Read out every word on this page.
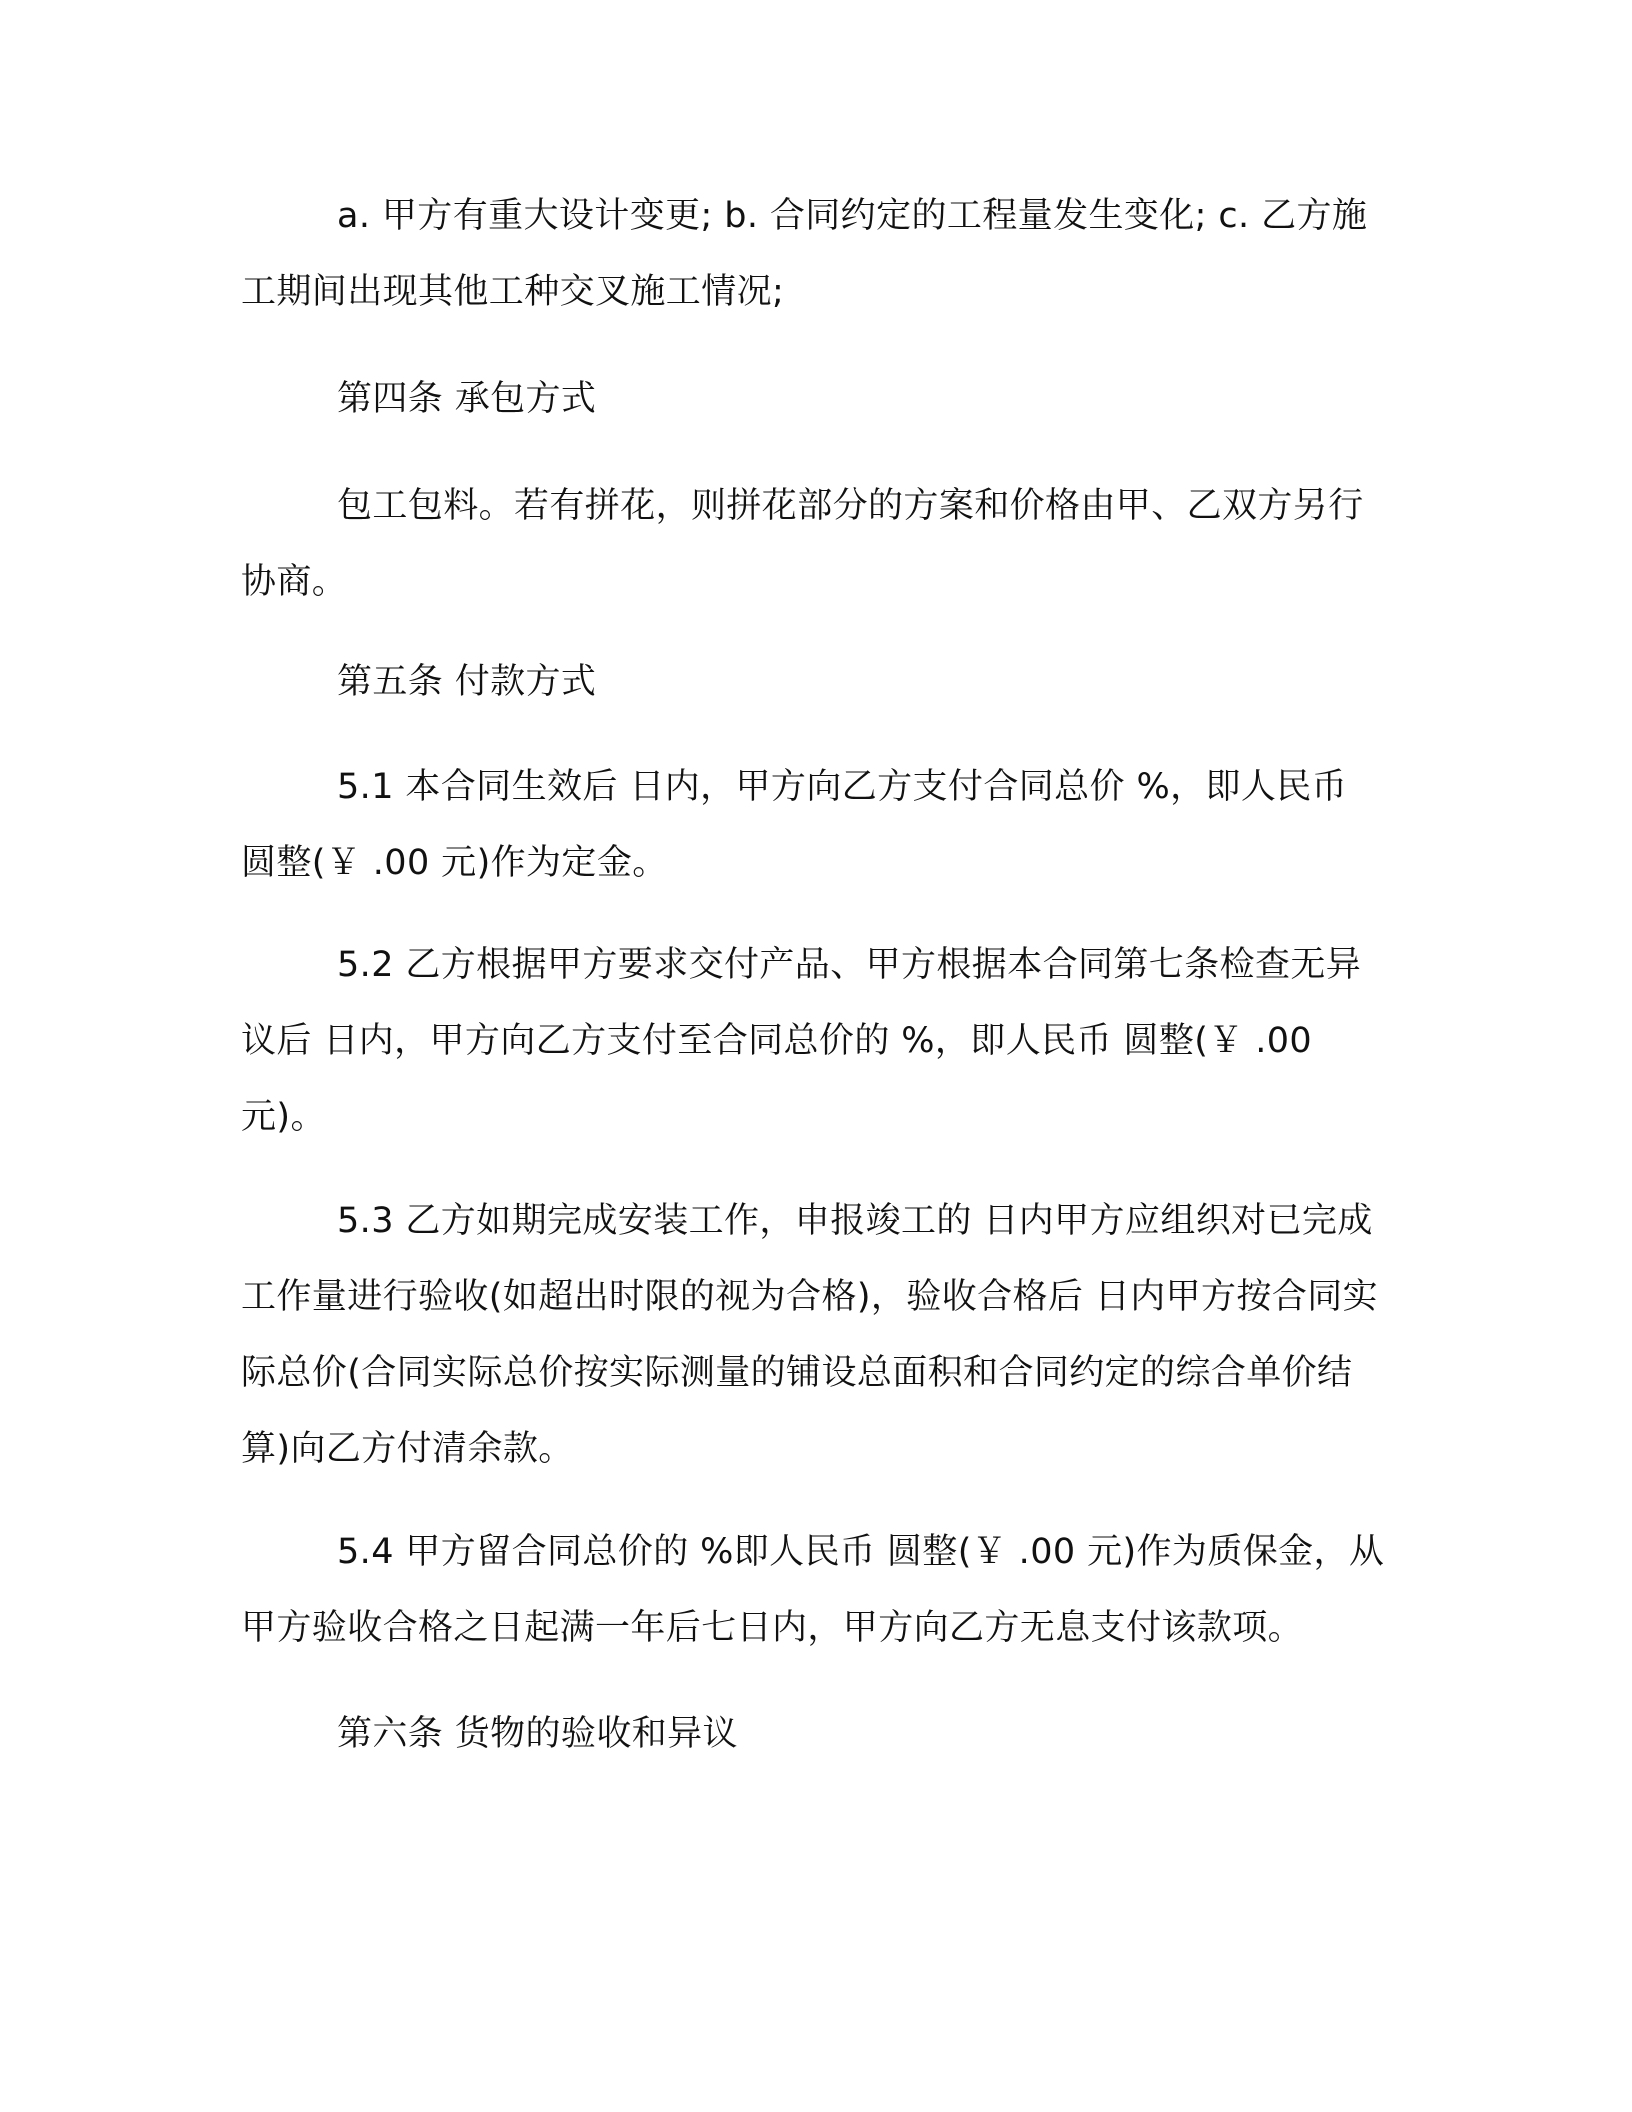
a. 甲方有重大设计变更; b. 合同约定的工程量发生变化; c. 乙方施工期间出现其他工种交叉施工情况;

第四条 承包方式

包工包料。若有拼花，则拼花部分的方案和价格由甲、乙双方另行协商。

第五条 付款方式

5.1 本合同生效后 日内，甲方向乙方支付合同总价 %，即人民币 圆整(￥ .00 元)作为定金。

5.2 乙方根据甲方要求交付产品、甲方根据本合同第七条检查无异议后 日内，甲方向乙方支付至合同总价的 %，即人民币 圆整(￥ .00 元)。

5.3 乙方如期完成安装工作，申报竣工的 日内甲方应组织对已完成工作量进行验收(如超出时限的视为合格)，验收合格后 日内甲方按合同实际总价(合同实际总价按实际测量的铺设总面积和合同约定的综合单价结算)向乙方付清余款。

5.4 甲方留合同总价的 %即人民币 圆整(￥ .00 元)作为质保金，从甲方验收合格之日起满一年后七日内，甲方向乙方无息支付该款项。

第六条 货物的验收和异议
